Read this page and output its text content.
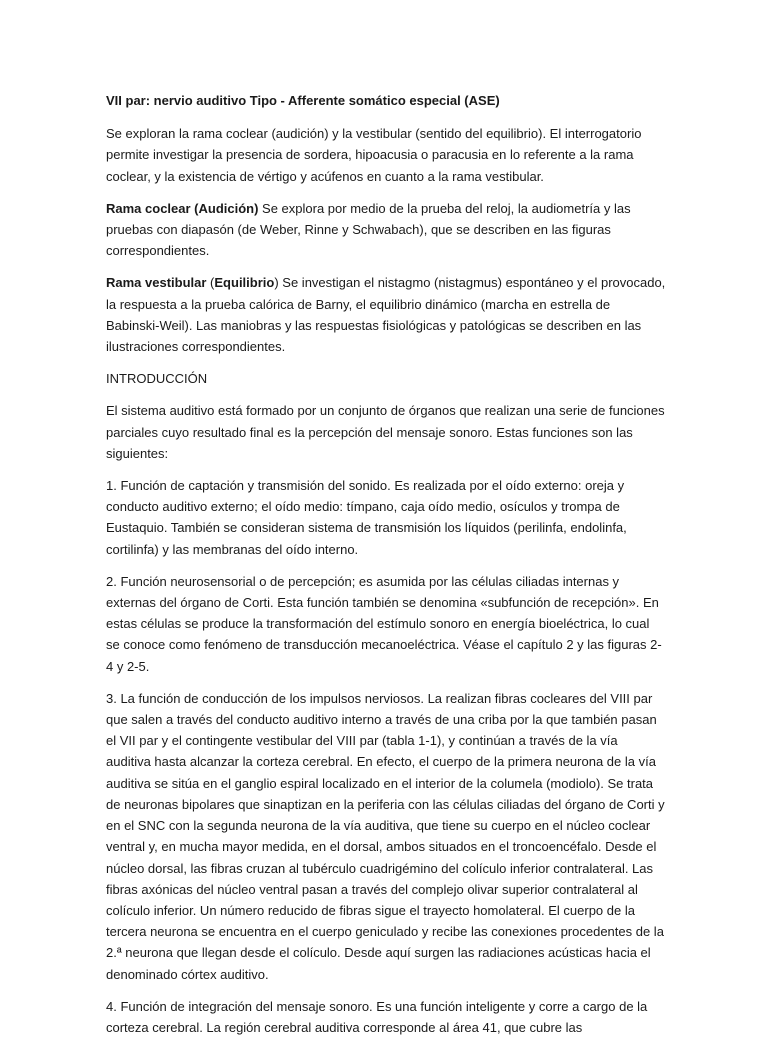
VII par: nervio auditivo Tipo - Afferente somático especial (ASE)

Se exploran la rama coclear (audición) y la vestibular (sentido del equilibrio). El interrogatorio permite investigar la presencia de sordera, hipoacusia o paracusia en lo referente a la rama coclear, y la existencia de vértigo y acúfenos en cuanto a la rama vestibular.

Rama coclear (Audición) Se explora por medio de la prueba del reloj, la audiometría y las pruebas con diapasón (de Weber, Rinne y Schwabach), que se describen en las figuras correspondientes.

Rama vestibular (Equilibrio) Se investigan el nistagmo (nistagmus) espontáneo y el provocado, la respuesta a la prueba calórica de Barny, el equilibrio dinámico (marcha en estrella de Babinski-Weil). Las maniobras y las respuestas fisiológicas y patológicas se describen en las ilustraciones correspondientes.

INTRODUCCIÓN

El sistema auditivo está formado por un conjunto de órganos que realizan una serie de funciones parciales cuyo resultado final es la percepción del mensaje sonoro. Estas funciones son las siguientes:

1. Función de captación y transmisión del sonido. Es realizada por el oído externo: oreja y conducto auditivo externo; el oído medio: tímpano, caja oído medio, osículos y trompa de Eustaquio. También se consideran sistema de transmisión los líquidos (perilinfa, endolinfa, cortilinfa) y las membranas del oído interno.

2. Función neurosensorial o de percepción; es asumida por las células ciliadas internas y externas del órgano de Corti. Esta función también se denomina «subfunción de recepción». En estas células se produce la transformación del estímulo sonoro en energía bioeléctrica, lo cual se conoce como fenómeno de transducción mecanoeléctrica. Véase el capítulo 2 y las figuras 2-4 y 2-5.

3. La función de conducción de los impulsos nerviosos. La realizan fibras cocleares del VIII par que salen a través del conducto auditivo interno a través de una criba por la que también pasan el VII par y el contingente vestibular del VIII par (tabla 1-1), y continúan a través de la vía auditiva hasta alcanzar la corteza cerebral. En efecto, el cuerpo de la primera neurona de la vía auditiva se sitúa en el ganglio espiral localizado en el interior de la columela (modiolo). Se trata de neuronas bipolares que sinaptizan en la periferia con las células ciliadas del órgano de Corti y en el SNC con la segunda neurona de la vía auditiva, que tiene su cuerpo en el núcleo coclear ventral y, en mucha mayor medida, en el dorsal, ambos situados en el troncoencéfalo. Desde el núcleo dorsal, las fibras cruzan al tubérculo cuadrigémino del colículo inferior contralateral. Las fibras axónicas del núcleo ventral pasan a través del complejo olivar superior contralateral al colículo inferior. Un número reducido de fibras sigue el trayecto homolateral. El cuerpo de la tercera neurona se encuentra en el cuerpo geniculado y recibe las conexiones procedentes de la 2.ª neurona que llegan desde el colículo. Desde aquí surgen las radiaciones acústicas hacia el denominado córtex auditivo.

4. Función de integración del mensaje sonoro. Es una función inteligente y corre a cargo de la corteza cerebral. La región cerebral auditiva corresponde al área 41, que cubre las
